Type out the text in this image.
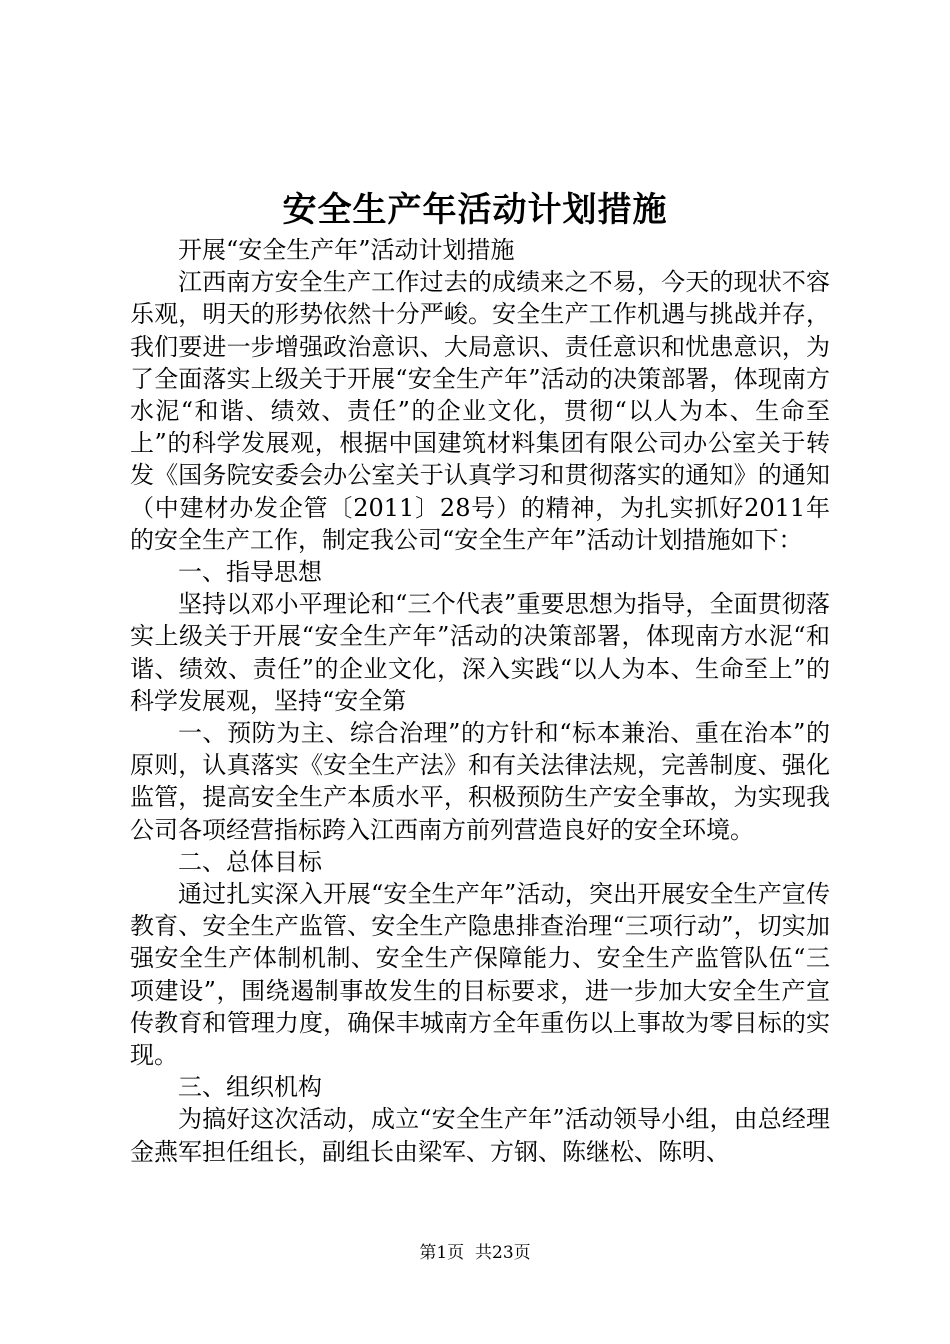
安全生产年活动计划措施

开展“安全生产年”活动计划措施

江西南方安全生产工作过去的成绩来之不易，今天的现状不容乐观，明天的形势依然十分严峻。安全生产工作机遇与挑战并存，我们要进一步增强政治意识、大局意识、责任意识和忧患意识，为了全面落实上级关于开展“安全生产年”活动的决策部署，体现南方水泥“和谐、绩效、责任”的企业文化，贯彻“以人为本、生命至上”的科学发展观，根据中国建筑材料集团有限公司办公室关于转发《国务院安委会办公室关于认真学习和贯彻落实的通知》的通知（中建材办发企管〔2011〕28号）的精神，为扎实抓好2011年的安全生产工作，制定我公司“安全生产年”活动计划措施如下：

一、指导思想

坚持以邓小平理论和“三个代表”重要思想为指导，全面贯彻落实上级关于开展“安全生产年”活动的决策部署，体现南方水泥“和谐、绩效、责任”的企业文化，深入实践“以人为本、生命至上”的科学发展观，坚持“安全第

一、预防为主、综合治理”的方针和“标本兼治、重在治本”的原则，认真落实《安全生产法》和有关法律法规，完善制度、强化监管，提高安全生产本质水平，积极预防生产安全事故，为实现我公司各项经营指标跨入江西南方前列营造良好的安全环境。

二、总体目标

通过扎实深入开展“安全生产年”活动，突出开展安全生产宣传教育、安全生产监管、安全生产隐患排查治理“三项行动”，切实加强安全生产体制机制、安全生产保障能力、安全生产监管队伍“三项建设”，围绕遏制事故发生的目标要求，进一步加大安全生产宣传教育和管理力度，确保丰城南方全年重伤以上事故为零目标的实现。

三、组织机构

为搞好这次活动，成立“安全生产年”活动领导小组，由总经理金燕军担任组长，副组长由梁军、方钢、陈继松、陈明、

第1页 共23页
